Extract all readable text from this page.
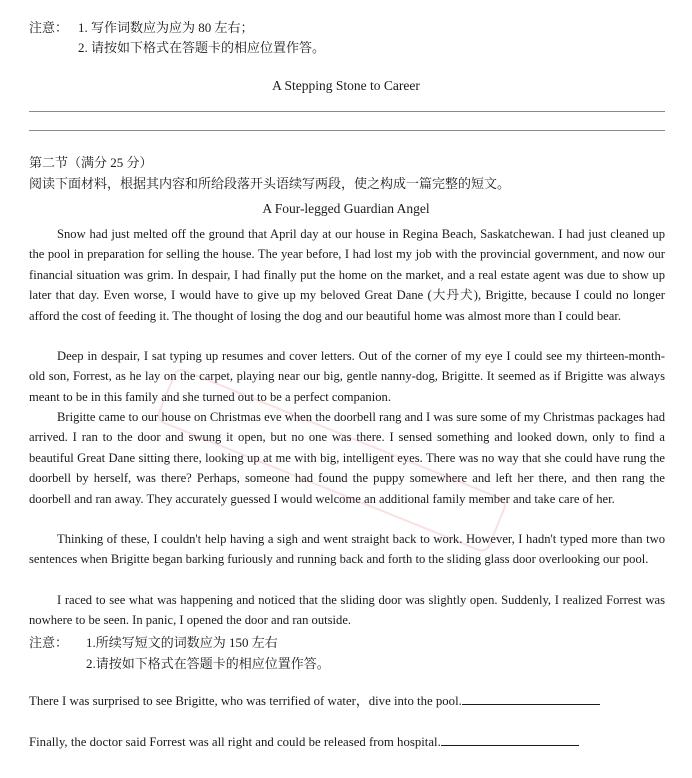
注意： 1. 写作词数应为应为 80 左右；
2. 请按如下格式在答题卡的相应位置作答。
A Stepping Stone to Career
第二节（满分 25 分）
阅读下面材料，根据其内容和所给段落开头语续写两段，使之构成一篇完整的短文。
A Four-legged Guardian Angel

Snow had just melted off the ground that April day at our house in Regina Beach, Saskatchewan. I had just cleaned up the pool in preparation for selling the house. The year before, I had lost my job with the provincial government, and now our financial situation was grim. In despair, I had finally put the home on the market, and a real estate agent was due to show up later that day. Even worse, I would have to give up my beloved Great Dane (大丹犬), Brigitte, because I could no longer afford the cost of feeding it. The thought of losing the dog and our beautiful home was almost more than I could bear.

Deep in despair, I sat typing up resumes and cover letters. Out of the corner of my eye I could see my thirteen-month-old son, Forrest, as he lay on the carpet, playing near our big, gentle nanny-dog, Brigitte. It seemed as if Brigitte was always meant to be in this family and she turned out to be a perfect companion.

Brigitte came to our house on Christmas eve when the doorbell rang and I was sure some of my Christmas packages had arrived. I ran to the door and swung it open, but no one was there. I sensed something and looked down, only to find a beautiful Great Dane sitting there, looking up at me with big, intelligent eyes. There was no way that she could have rung the doorbell by herself, was there? Perhaps, someone had found the puppy somewhere and left her there, and then rang the doorbell and ran away. They accurately guessed I would welcome an additional family member and take care of her.

Thinking of these, I couldn't help having a sigh and went straight back to work. However, I hadn't typed more than two sentences when Brigitte began barking furiously and running back and forth to the sliding glass door overlooking our pool.

I raced to see what was happening and noticed that the sliding door was slightly open. Suddenly, I realized Forrest was nowhere to be seen. In panic, I opened the door and ran outside.

注意： 1.所续写短文的词数应为 150 左右
2.请按如下格式在答题卡的相应位置作答。
There I was surprised to see Brigitte, who was terrified of water，dive into the pool.
Finally, the doctor said Forrest was all right and could be released from hospital.
